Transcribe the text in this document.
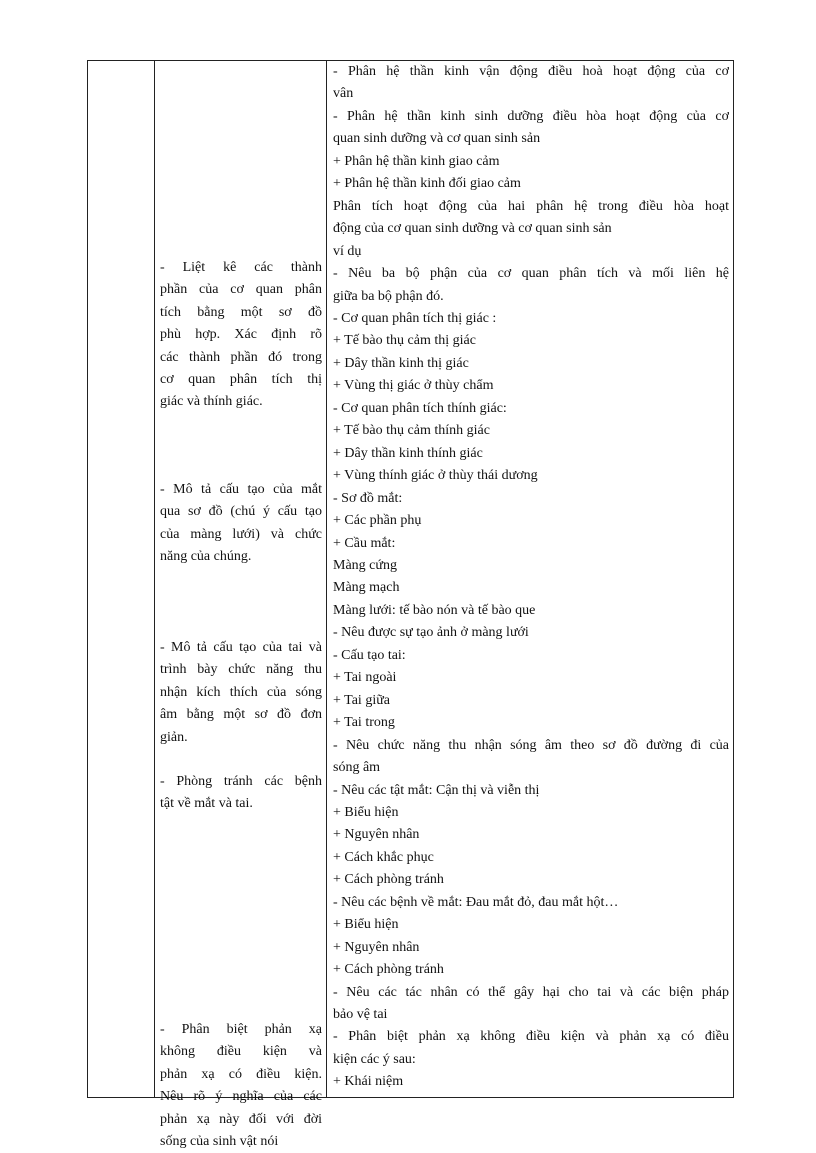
- Liệt kê các thành
phần của cơ quan phân
tích bằng một sơ đồ
phù hợp. Xác định rõ
các thành phần đó trong
cơ quan phân tích thị
giác và thính giác.
- Mô tả cấu tạo của mắt
qua sơ đồ (chú ý cấu tạo
của màng lưới) và chức
năng của chúng.
- Mô tả cấu tạo của tai và
trình bày chức năng thu
nhận kích thích của sóng
âm bằng một sơ đồ đơn
giản.
- Phòng tránh các bệnh
tật về mắt và tai.
- Phân biệt phản xạ
không điều kiện và
phản xạ có điều kiện.
Nêu rõ ý nghĩa của các
phản xạ này đối với đời
sống của sinh vật nói

- Phân hệ thần kinh vận động điều hoà hoạt động của cơ
vân
- Phân hệ thần kinh sinh dưỡng điều hòa hoạt động của cơ
quan sinh dưỡng và cơ quan sinh sản
+ Phân hệ thần kinh giao cảm
+ Phân hệ thần kinh đối giao cảm
Phân tích hoạt động của hai phân hệ trong điều hòa hoạt
động của cơ quan sinh dưỡng và cơ quan sinh sản
ví dụ
- Nêu ba bộ phận của cơ quan phân tích và mối liên hệ
giữa ba bộ phận đó.
- Cơ quan phân tích thị giác :
+ Tế bào thụ cảm thị giác
+ Dây thần kinh thị giác
+ Vùng thị giác ở thùy chẩm
- Cơ quan phân tích thính giác:
+ Tế bào thụ cảm thính giác
+ Dây thần kinh thính giác
+ Vùng thính giác ở thùy thái dương
- Sơ đồ mắt:
+ Các phần phụ
+ Cầu mắt:
Màng cứng
Màng mạch
Màng lưới: tế bào nón và tế bào que
- Nêu được sự tạo ảnh ở màng lưới
- Cấu tạo tai:
+ Tai ngoài
+ Tai giữa
+ Tai trong
- Nêu chức năng thu nhận sóng âm theo sơ đồ đường đi của
sóng âm
- Nêu các tật mắt: Cận thị và viễn thị
+ Biểu hiện
+ Nguyên nhân
+ Cách khắc phục
+ Cách phòng tránh
- Nêu các bệnh về mắt: Đau mắt đỏ, đau mắt hột…
+ Biểu hiện
+ Nguyên nhân
+ Cách phòng tránh
- Nêu các tác nhân có thể gây hại cho tai và các biện pháp
bảo vệ tai
- Phân biệt phản xạ không điều kiện và phản xạ có điều
kiện các ý sau:
+ Khái niệm
